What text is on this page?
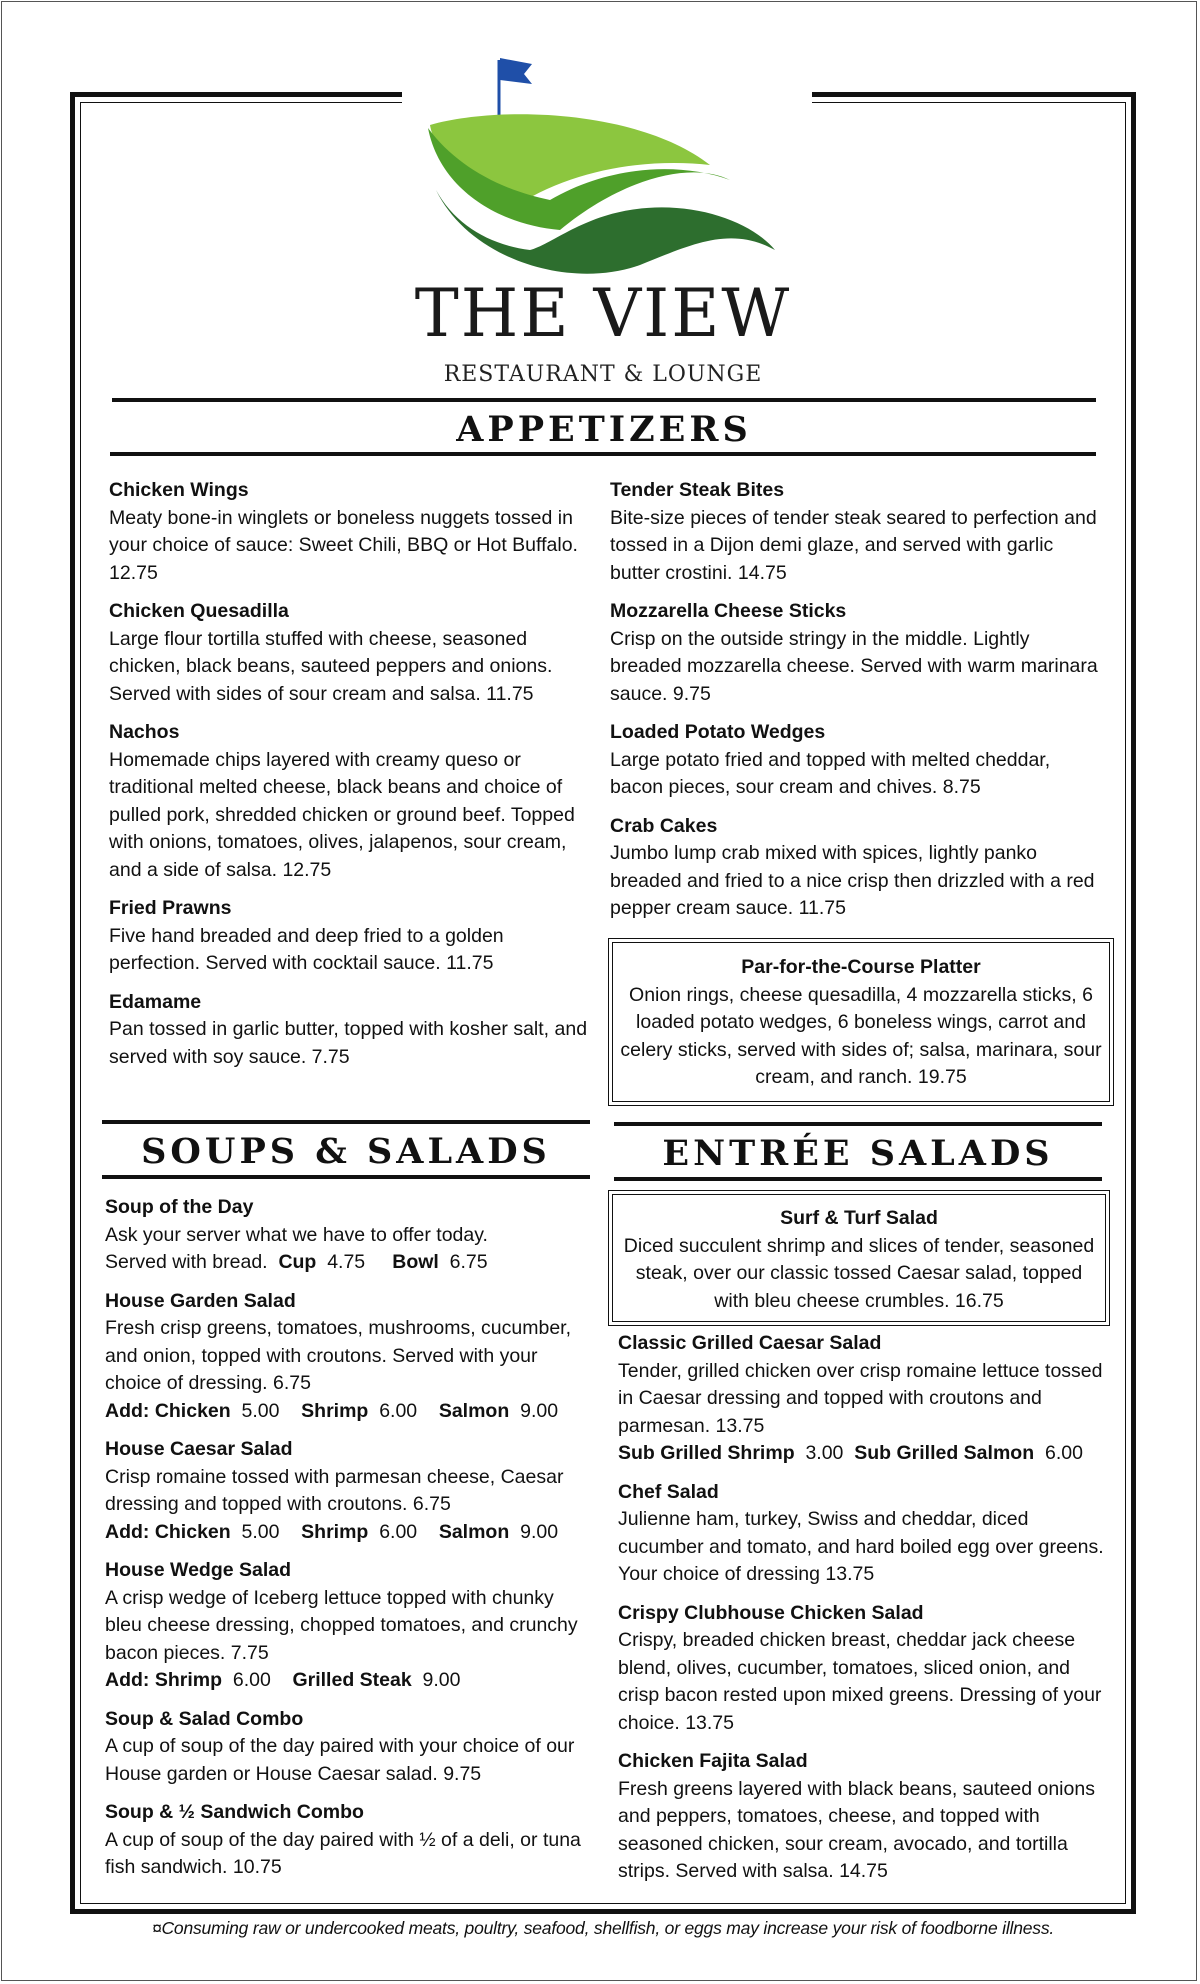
THE VIEW
RESTAURANT & LOUNGE
APPETIZERS
Chicken Wings
Meaty bone-in winglets or boneless nuggets tossed in your choice of sauce: Sweet Chili, BBQ or Hot Buffalo. 12.75
Chicken Quesadilla
Large flour tortilla stuffed with cheese, seasoned chicken, black beans, sauteed peppers and onions. Served with sides of sour cream and salsa. 11.75
Nachos
Homemade chips layered with creamy queso or traditional melted cheese, black beans and choice of pulled pork, shredded chicken or ground beef. Topped with onions, tomatoes, olives, jalapenos, sour cream, and a side of salsa. 12.75
Fried Prawns
Five hand breaded and deep fried to a golden perfection. Served with cocktail sauce. 11.75
Edamame
Pan tossed in garlic butter, topped with kosher salt, and served with soy sauce. 7.75
Tender Steak Bites
Bite-size pieces of tender steak seared to perfection and tossed in a Dijon demi glaze, and served with garlic butter crostini. 14.75
Mozzarella Cheese Sticks
Crisp on the outside stringy in the middle. Lightly breaded mozzarella cheese. Served with warm marinara sauce. 9.75
Loaded Potato Wedges
Large potato fried and topped with melted cheddar, bacon pieces, sour cream and chives. 8.75
Crab Cakes
Jumbo lump crab mixed with spices, lightly panko breaded and fried to a nice crisp then drizzled with a red pepper cream sauce. 11.75
Par-for-the-Course Platter
Onion rings, cheese quesadilla, 4 mozzarella sticks, 6 loaded potato wedges, 6 boneless wings, carrot and celery sticks, served with sides of; salsa, marinara, sour cream, and ranch. 19.75
SOUPS & SALADS	ENTRÉE SALADS
Soup of the Day
Ask your server what we have to offer today.
Served with bread. Cup 4.75 Bowl 6.75
House Garden Salad
Fresh crisp greens, tomatoes, mushrooms, cucumber, and onion, topped with croutons. Served with your choice of dressing. 6.75
Add: Chicken 5.00 Shrimp 6.00 Salmon 9.00
House Caesar Salad
Crisp romaine tossed with parmesan cheese, Caesar dressing and topped with croutons. 6.75
Add: Chicken 5.00 Shrimp 6.00 Salmon 9.00
House Wedge Salad
A crisp wedge of Iceberg lettuce topped with chunky bleu cheese dressing, chopped tomatoes, and crunchy bacon pieces. 7.75
Add: Shrimp 6.00 Grilled Steak 9.00
Soup & Salad Combo
A cup of soup of the day paired with your choice of our House garden or House Caesar salad. 9.75
Soup & ½ Sandwich Combo
A cup of soup of the day paired with ½ of a deli, or tuna fish sandwich. 10.75
Surf & Turf Salad
Diced succulent shrimp and slices of tender, seasoned steak, over our classic tossed Caesar salad, topped with bleu cheese crumbles. 16.75
Classic Grilled Caesar Salad
Tender, grilled chicken over crisp romaine lettuce tossed in Caesar dressing and topped with croutons and parmesan. 13.75
Sub Grilled Shrimp 3.00 Sub Grilled Salmon 6.00
Chef Salad
Julienne ham, turkey, Swiss and cheddar, diced cucumber and tomato, and hard boiled egg over greens. Your choice of dressing 13.75
Crispy Clubhouse Chicken Salad
Crispy, breaded chicken breast, cheddar jack cheese blend, olives, cucumber, tomatoes, sliced onion, and crisp bacon rested upon mixed greens. Dressing of your choice. 13.75
Chicken Fajita Salad
Fresh greens layered with black beans, sauteed onions and peppers, tomatoes, cheese, and topped with seasoned chicken, sour cream, avocado, and tortilla strips. Served with salsa. 14.75
¤Consuming raw or undercooked meats, poultry, seafood, shellfish, or eggs may increase your risk of foodborne illness.
